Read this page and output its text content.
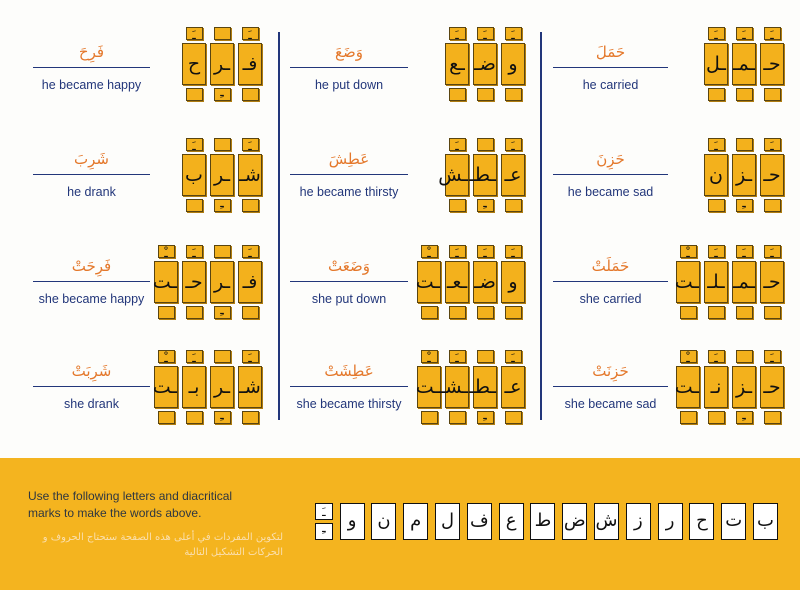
فَرِحَ
he became happy
ـَ
فـ
ـر
ـِ
ـَ
ح
شَرِبَ
he drank
ـَ
شـ
ـر
ـِ
ـَ
ب
فَرِحَتْ
she became happy
ـَ
فـ
ـر
ـِ
ـَ
حـ
ـْ
ـت
شَرِبَتْ
she drank
ـَ
شـ
ـر
ـِ
ـَ
بـ
ـْ
ـت
وَضَعَ
he put down
ـَ
و
ـَ
ضـ
ـَ
ـع
عَطِشَ
he became thirsty
ـَ
عـ
ـطـ
ـِ
ـَ
ـش
وَضَعَتْ
she put down
ـَ
و
ـَ
ضـ
ـَ
ـعـ
ـْ
ـت
عَطِشَتْ
she became thirsty
ـَ
عـ
ـطـ
ـِ
ـَ
ـشـ
ـْ
ـت
حَمَلَ
he carried
ـَ
حـ
ـَ
ـمـ
ـَ
ـل
حَزِنَ
he became sad
ـَ
حـ
ـز
ـِ
ـَ
ن
حَمَلَتْ
she carried
ـَ
حـ
ـَ
ـمـ
ـَ
ـلـ
ـْ
ـت
حَزِنَتْ
she became sad
ـَ
حـ
ـز
ـِ
ـَ
نـ
ـْ
ـت
Use the following letters and diacritical
marks to make the words above.
لتكوين المفردات في أعلى هذه الصفحة ستحتاج الحروف و
الحركات التشكيل التالية
ب
ت
ح
ر
ز
ش
ض
ط
ع
ف
ل
م
ن
و
ـَ
ـِ
